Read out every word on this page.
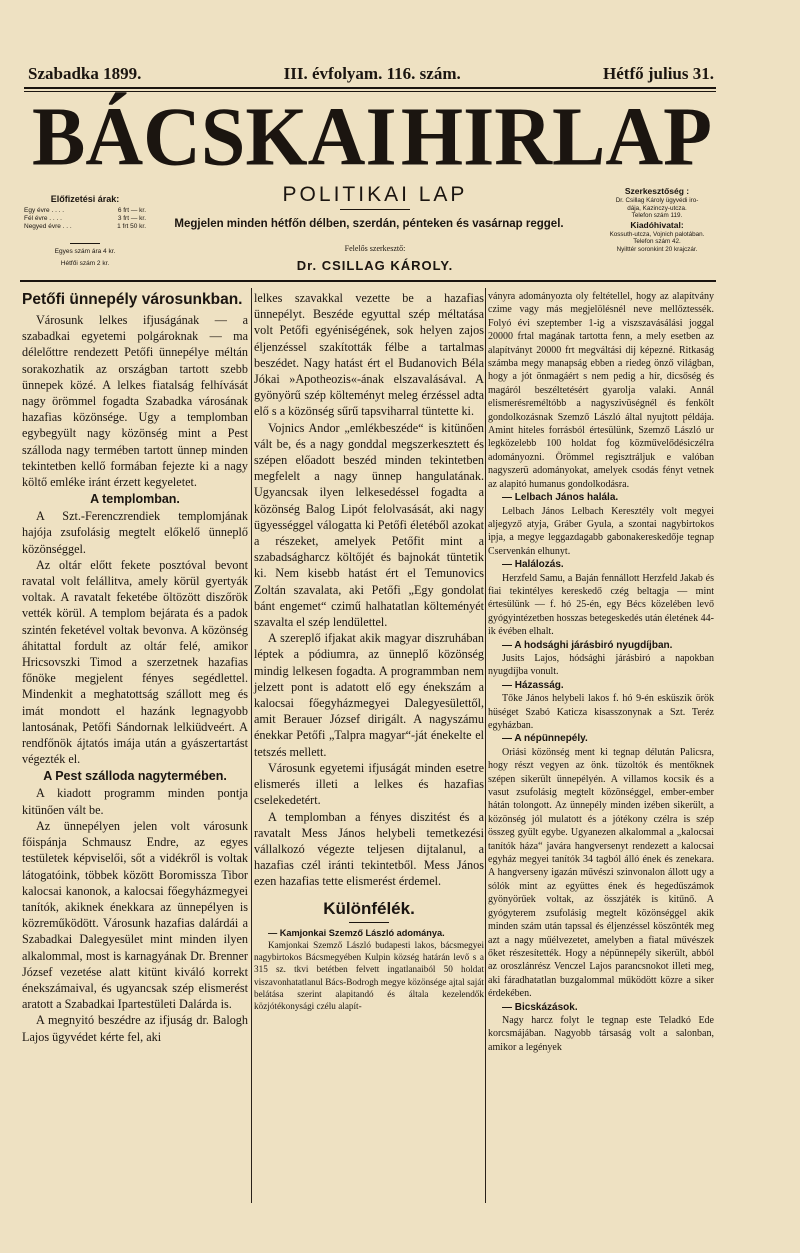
Szabadka 1899.	III. évfolyam. 116. szám.	Hétfő julius 31.
B Á C S K A I H I R L A P
POLITIKAI LAP
Előfizetési árak:
Egy évre . . . .	6 frt — kr.
Fél évre . . . .	3 frt — kr.
Negyed évre . . .	1 frt 50 kr.
Egyes szám ára 4 kr.
Hétfői szám 2 kr.
Megjelen minden hétfőn délben, szerdán, pénteken és vasárnap reggel.
Felelős szerkesztő:
Dr. CSILLAG KÁROLY.
Szerkesztőség :
Dr. Csillag Károly ügyvédi iro-
dája, Kazinczy-utcza.
Telefon szám 119.
Kiadóhivatal:
Kossuth-utcza, Vojnich palotában.
Telefon szám 42.
Nyilttér soronkint 20 krajczár.

Petőfi ünnepély városunkban.

Városunk lelkes ifjuságának — a szabadkai egyetemi polgároknak — ma délelőttre rendezett Petőfi ünnepélye méltán sorakozhatik az országban tartott szebb ünnepek közé. A lelkes fiatalság felhívását nagy örömmel fogadta Szabadka városának hazafias közönsége. Ugy a templomban egybegyült nagy közönség mint a Pest szálloda nagy termében tartott ünnep minden tekintetben kellő formában fejezte ki a nagy költő emléke iránt érzett kegyeletet.

A templomban.

A Szt.-Ferenczrendiek templomjának hajója zsufolásig megtelt előkelő ünneplő közönséggel.

Az oltár előtt fekete posztóval bevont ravatal volt felállitva, amely körül gyertyák voltak. A ravatalt feketébe öltözött diszőrök vették körül. A templom bejárata és a padok szintén feketével voltak bevonva. A közönség áhitattal fordult az oltár felé, amikor Hricsovszki Timod a szerzetnek hazafias főnöke megjelent fényes segédlettel. Mindenkit a meghatottság szállott meg és imát mondott el hazánk legnagyobb lantosának, Petőfi Sándornak lelkiüdveért. A rendfőnök ájtatós imája után a gyászertartást végezték el.

A Pest szálloda nagytermében.

A kiadott programm minden pontja kitünően vált be.

Az ünnepélyen jelen volt városunk főispánja Schmausz Endre, az egyes testületek képviselői, sőt a vidékről is voltak látogatóink, többek között Boromissza Tibor kalocsai kanonok, a kalocsai főegyházmegyei tanítók, akiknek énekkara az ünnepélyen is közreműködött. Városunk hazafias dalárdái a Szabadkai Dalegyesület mint minden ilyen alkalommal, most is karnagyának Dr. Brenner József vezetése alatt kitünt kiváló korrekt énekszámaival, és ugyancsak szép elismerést aratott a Szabadkai Ipartestületi Dalárda is.

A megnyitó beszédre az ifjuság dr. Balogh Lajos ügyvédet kérte fel, aki

lelkes szavakkal vezette be a hazafias ünnepélyt. Beszéde egyuttal szép méltatása volt Petőfi egyéniségének, sok helyen zajos éljenzéssel szakították félbe a tartalmas beszédet. Nagy hatást ért el Budanovich Béla Jókai »Apotheozis«-ának elszavalásával. A gyönyörű szép költeményt meleg érzéssel adta elő s a közönség sűrű tapsviharral tüntette ki.

Vojnics Andor „emlékbeszéde“ is kitünően vált be, és a nagy gonddal megszerkesztett és szépen előadott beszéd minden tekintetben megfelelt a nagy ünnep hangulatának. Ugyancsak ilyen lelkesedéssel fogadta a közönség Balog Lipót felolvasását, aki nagy ügyességgel válogatta ki Petőfi életéből azokat a részeket, amelyek Petőfit mint a szabadságharcz költőjét és bajnokát tüntetik ki. Nem kisebb hatást ért el Temunovics Zoltán szavalata, aki Petőfi „Egy gondolat bánt engemet“ czimű halhatatlan költeményét szavalta el szép lendülettel.

A szereplő ifjakat akik magyar diszruhában léptek a pódiumra, az ünneplő közönség mindig lelkesen fogadta. A programmban nem jelzett pont is adatott elő egy énekszám a kalocsai főegyházmegyei Dalegyesülettől, amit Berauer József dirigált. A nagyszámu énekkar Petőfi „Talpra magyar“-ját énekelte el tetszés mellett.

Városunk egyetemi ifjuságát minden esetre elismerés illeti a lelkes és hazafias cselekedetért.

A templomban a fényes diszitést és a ravatalt Mess János helybeli temetkezési vállalkozó végezte teljesen dijtalanul, a hazafias czél iránti tekintetből. Mess János ezen hazafias tette elismerést érdemel.

Különfélék.

— Kamjonkai Szemző László adománya.

Kamjonkai Szemző László budapesti lakos, bácsmegyei nagybirtokos Bácsmegyében Kulpin község határán levő s a 315 sz. tkvi betétben felvett ingatlanaiból 50 holdat viszavonhatatlanul Bács-Bodrogh megye közönsége ajtal saját belátása szerint alapitandó és általa kezelendők közjótékonysági czélu alapít-

ványra adományozta oly feltétellel, hogy az alapítvány czime vagy más megjelölésnél neve mellőztessék. Folyó évi szeptember 1-ig a viszszavásálási joggal 20000 frtal magának tartotta fenn, a mely esetben az alapítványt 20000 frt megváltási dij képezné. Ritkaság számba megy manapság ebben a riedeg önző világban, hogy a jót önmagáért s nem pedig a hír, dicsőség és magáról beszéltetésért gyarolja valaki. Annál elismerésreméltóbb a nagyszivüségnél és fenkölt gondolkozásnak Szemző László által nyujtott példája. Amint hiteles forrásból értesülünk, Szemző László ur legközelebb 100 holdat fog közművelődésiczélra adományozni. Örömmel regisztráljuk e valóban nagyszerü adományokat, amelyek csodás fényt vetnek az alapitó humanus gondolkodásra.

— Lelbach János halála.

Lelbach János Lelbach Keresztély volt megyei aljegyző atyja, Gráber Gyula, a szontai nagybirtokos ipja, a megye leggazdagabb gabonakereskedője tegnap Cservenkán elhunyt.

— Halálozás.

Herzfeld Samu, a Baján fennállott Herzfeld Jakab és fiai tekintélyes kereskedő czég beltagja — mint értesülünk — f. hó 25-én, egy Bécs közelében levő gyógyintézetben hosszas betegeskedés után életének 44-ik évében elhalt.

— A hodsághi járásbiró nyugdíjban.

Jusits Lajos, hódsághi járásbiró a napokban nyugdíjba vonult.

— Házasság.

Tőke János helybeli lakos f. hó 9-én esküszik örök hüséget Szabó Katicza kisasszonynak a Szt. Teréz egyházban.

— A népünnepély.

Oriási közönség ment ki tegnap délután Palicsra, hogy részt vegyen az önk. tüzoltók és mentőknek szépen sikerült ünnepélyén. A villamos kocsik és a vasut zsufolásig megtelt közönséggel, ember-ember hátán tolongott. Az ünnepély minden izében sikerült, a közönség jól mulatott és a jótékony czélra is szép összeg gyült egybe. Ugyanezen alkalommal a „kalocsai tanítók háza“ javára hangversenyt rendezett a kalocsai egyház megyei tanítók 34 tagból álló ének és zenekara. A hangverseny igazán művészi szinvonalon állott ugy a sólók mint az együttes ének és hegedűszámok gyönyörűek voltak, az összjáték is kitűnő. A gyógyterem zsufolásig megtelt közönséggel akik minden szám után tapssal és éljenzéssel köszönték meg azt a nagy műélvezetet, amelyben a fiatal művészek őket részesítették. Hogy a népünnepély sikerült, abból az oroszlánrész Venczel Lajos parancsnokot illeti meg, aki fáradhatatlan buzgalommal működött közre a siker érdekében.

— Bicskázások.

Nagy harcz folyt le tegnap este Teladkó Ede korcsmájában. Nagyobb társaság volt a salonban, amikor a legények
